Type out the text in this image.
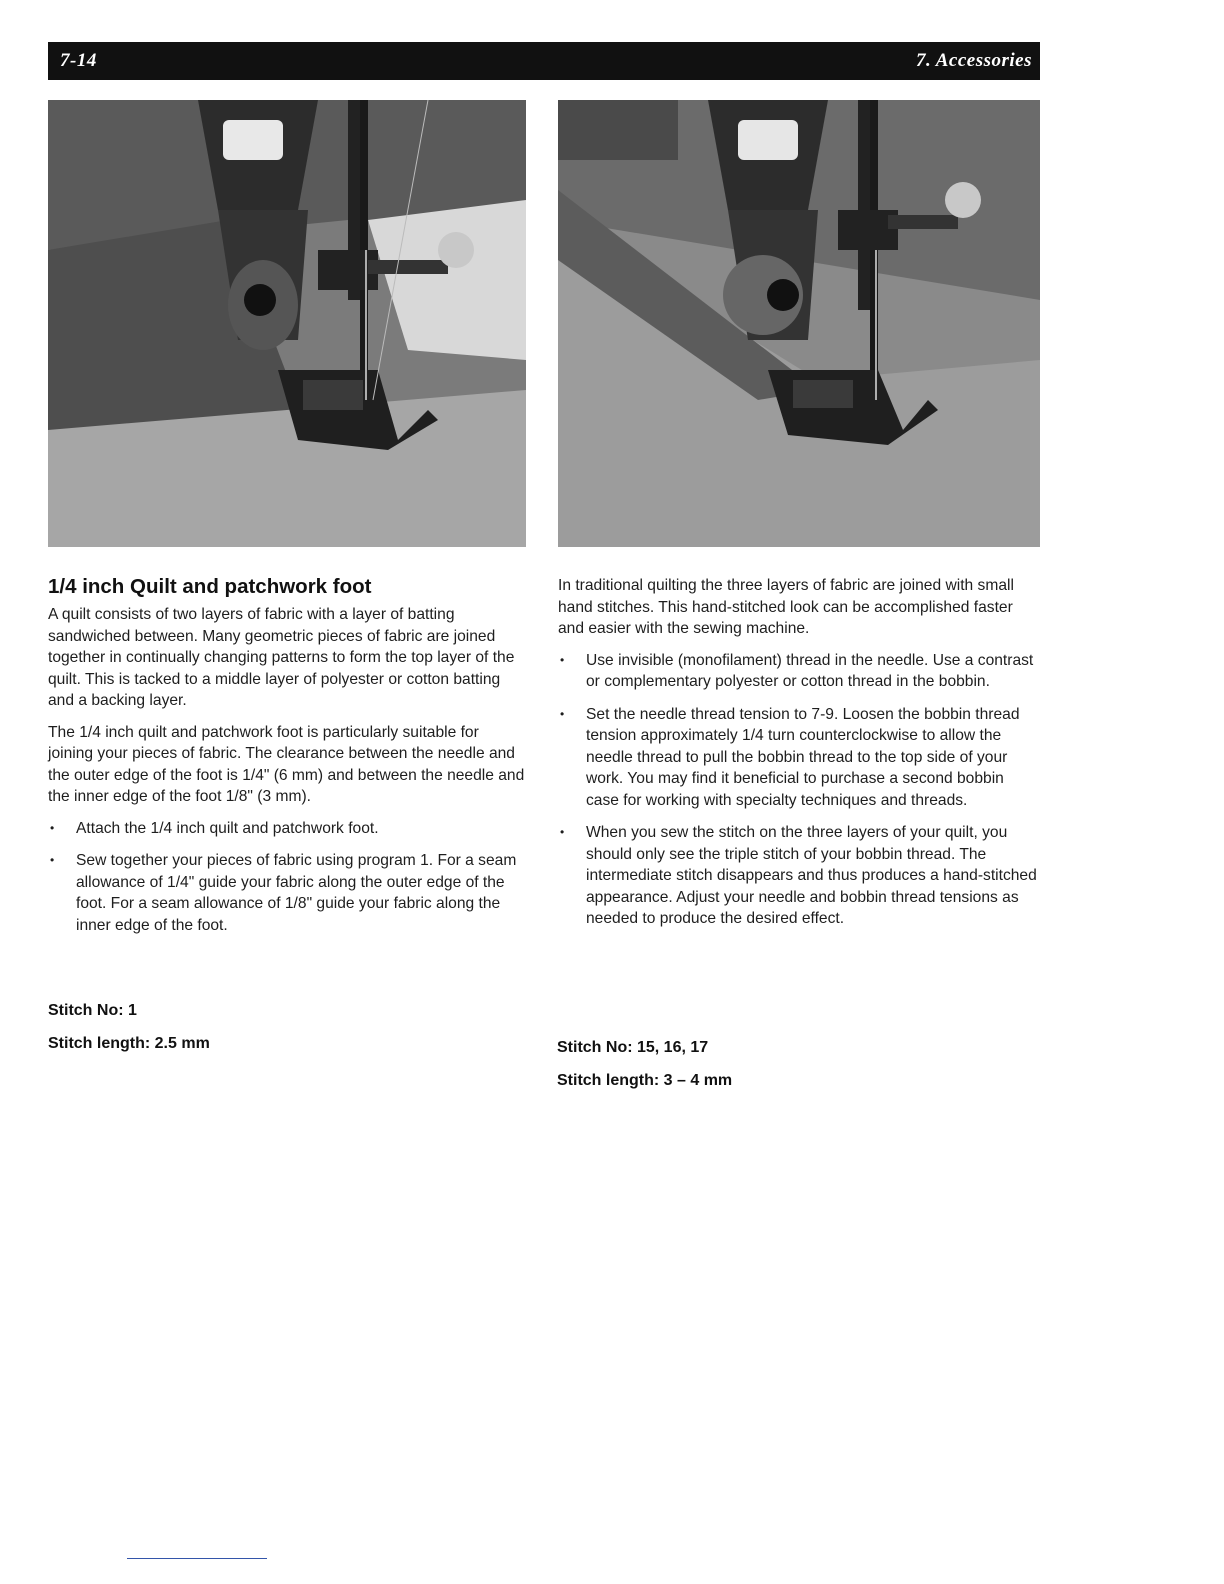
7-14	7. Accessories
1/4 inch Quilt and patchwork foot

A quilt consists of two layers of fabric with a layer of batting sandwiched between. Many geometric pieces of fabric are joined together in continually changing patterns to form the top layer of the quilt. This is tacked to a middle layer of polyester or cotton batting and a backing layer.

The 1/4 inch quilt and patchwork foot is particularly suitable for joining your pieces of fabric. The clearance between the needle and the outer edge of the foot is 1/4" (6 mm) and between the needle and the inner edge of the foot 1/8" (3 mm).

• Attach the 1/4 inch quilt and patchwork foot.
• Sew together your pieces of fabric using program 1. For a seam allowance of 1/4" guide your fabric along the outer edge of the foot. For a seam allowance of 1/8" guide your fabric along the inner edge of the foot.
Stitch No: 1
Stitch length: 2.5 mm

In traditional quilting the three layers of fabric are joined with small hand stitches. This hand-stitched look can be accomplished faster and easier with the sewing machine.

• Use invisible (monofilament) thread in the needle. Use a contrast or complementary polyester or cotton thread in the bobbin.
• Set the needle thread tension to 7-9. Loosen the bobbin thread tension approximately 1/4 turn counterclockwise to allow the needle thread to pull the bobbin thread to the top side of your work. You may find it beneficial to purchase a second bobbin case for working with specialty techniques and threads.
• When you sew the stitch on the three layers of your quilt, you should only see the triple stitch of your bobbin thread. The intermediate stitch disappears and thus produces a hand-stitched appearance. Adjust your needle and bobbin thread tensions as needed to produce the desired effect.
Stitch No: 15, 16, 17
Stitch length: 3 – 4 mm
